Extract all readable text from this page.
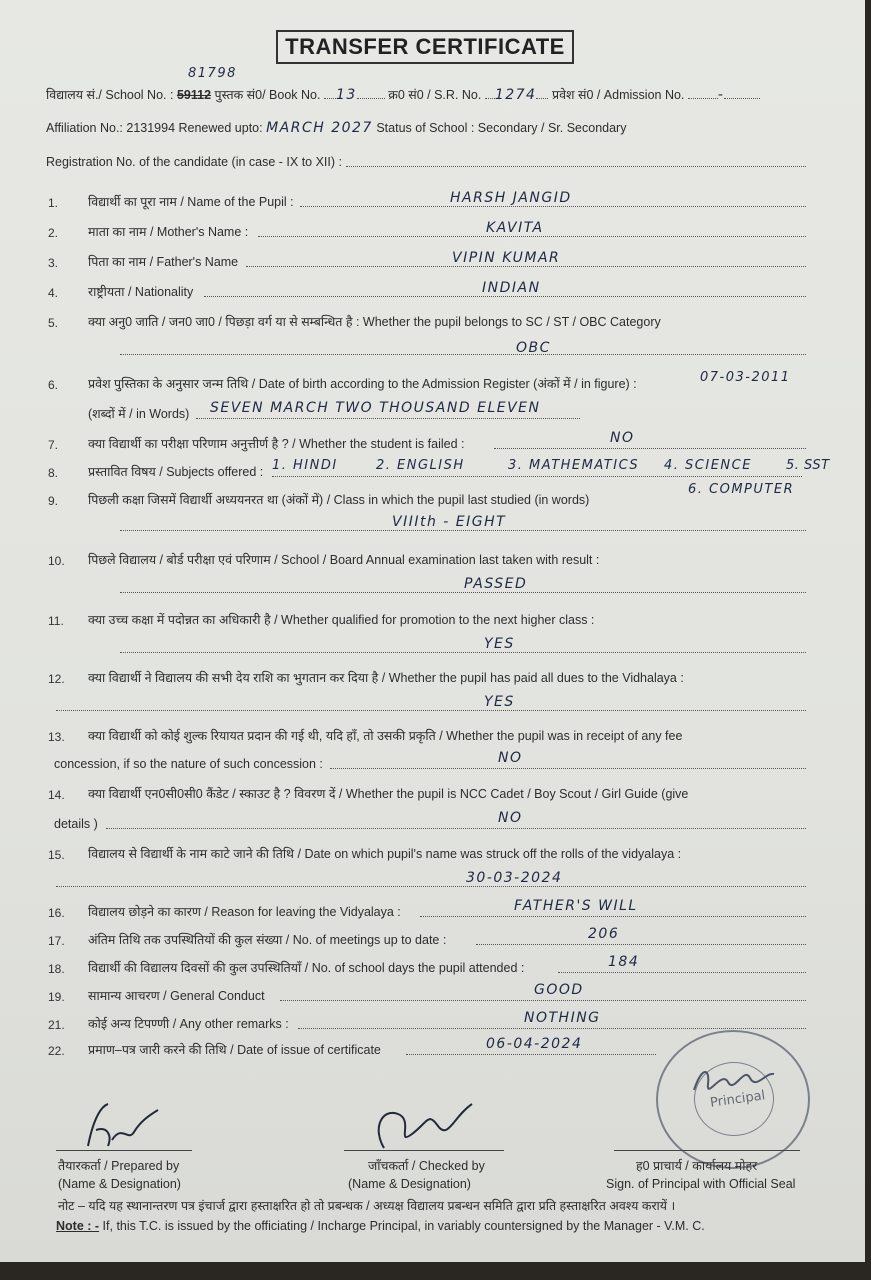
TRANSFER CERTIFICATE
81798
विद्यालय सं./ School No. : 59112 पुस्तक सं0/ Book No. 13	क्र0 सं0 / S.R. No. 1274 प्रवेश सं0 / Admission No. -
Affiliation No.: 2131994 Renewed upto: MARCH 2027 Status of School : Secondary / Sr. Secondary
Registration No. of the candidate (in case - IX to XII) :
1. विद्यार्थी का पूरा नाम / Name of the Pupil :	HARSH JANGID
2. माता का नाम / Mother's Name :	KAVITA
3. पिता का नाम / Father's Name	VIPIN KUMAR
4. राष्ट्रीयता / Nationality	INDIAN
5. क्या अनु0 जाति / जन0 जा0 / पिछड़ा वर्ग या से सम्बन्धित है : Whether the pupil belongs to SC / ST / OBC Category
OBC
6. प्रवेश पुस्तिका के अनुसार जन्म तिथि / Date of birth according to the Admission Register (अंकों में / in figure) :	07-03-2011
(शब्दों में / in Words) SEVEN MARCH TWO THOUSAND ELEVEN
7. क्या विद्यार्थी का परीक्षा परिणाम अनुत्तीर्ण है ? / Whether the student is failed :	NO
8. प्रस्तावित विषय / Subjects offered : 1. HINDI	2. ENGLISH	3. MATHEMATICS 4. SCIENCE	5. SST
6. COMPUTER
9. पिछली कक्षा जिसमें विद्यार्थी अध्ययनरत था (अंकों में) / Class in which the pupil last studied (in words)
VIIIth - EIGHT
10. पिछले विद्यालय / बोर्ड परीक्षा एवं परिणाम / School / Board Annual examination last taken with result :
PASSED
11. क्या उच्च कक्षा में पदोन्नत का अधिकारी है / Whether qualified for promotion to the next higher class :
YES
12. क्या विद्यार्थी ने विद्यालय की सभी देय राशि का भुगतान कर दिया है / Whether the pupil has paid all dues to the Vidhalaya :
YES
13. क्या विद्यार्थी को कोई शुल्क रियायत प्रदान की गई थी, यदि हाँ, तो उसकी प्रकृति / Whether the pupil was in receipt of any fee
concession, if so the nature of such concession :	NO
14. क्या विद्यार्थी एन0सी0सी0 कैंडेट / स्काउट है ? विवरण दें / Whether the pupil is NCC Cadet / Boy Scout / Girl Guide (give
details )	NO
15. विद्यालय से विद्यार्थी के नाम काटे जाने की तिथि / Date on which pupil's name was struck off the rolls of the vidyalaya :
30-03-2024
16. विद्यालय छोड़ने का कारण / Reason for leaving the Vidyalaya :	FATHER'S WILL
17. अंतिम तिथि तक उपस्थितियों की कुल संख्या / No. of meetings up to date :	206
18. विद्यार्थी की विद्यालय दिवसों की कुल उपस्थितियाँ / No. of school days the pupil attended :	184
19. सामान्य आचरण / General Conduct	GOOD
21. कोई अन्य टिपण्णी / Any other remarks :	NOTHING
22. प्रमाण–पत्र जारी करने की तिथि / Date of issue of certificate	06-04-2024
Principal
तैयारकर्ता / Prepared by
(Name & Designation)
जाँचकर्ता / Checked by
(Name & Designation)
ह0 प्राचार्य / कार्यालय मोहर
Sign. of Principal with Official Seal
नोट – यदि यह स्थानान्तरण पत्र इंचार्ज द्वारा हस्ताक्षरित हो तो प्रबन्धक / अध्यक्ष विद्यालय प्रबन्धन समिति द्वारा प्रति हस्ताक्षरित अवश्य करायें ।
Note : - If, this T.C. is issued by the officiating / Incharge Principal, in variably countersigned by the Manager - V.M. C.
